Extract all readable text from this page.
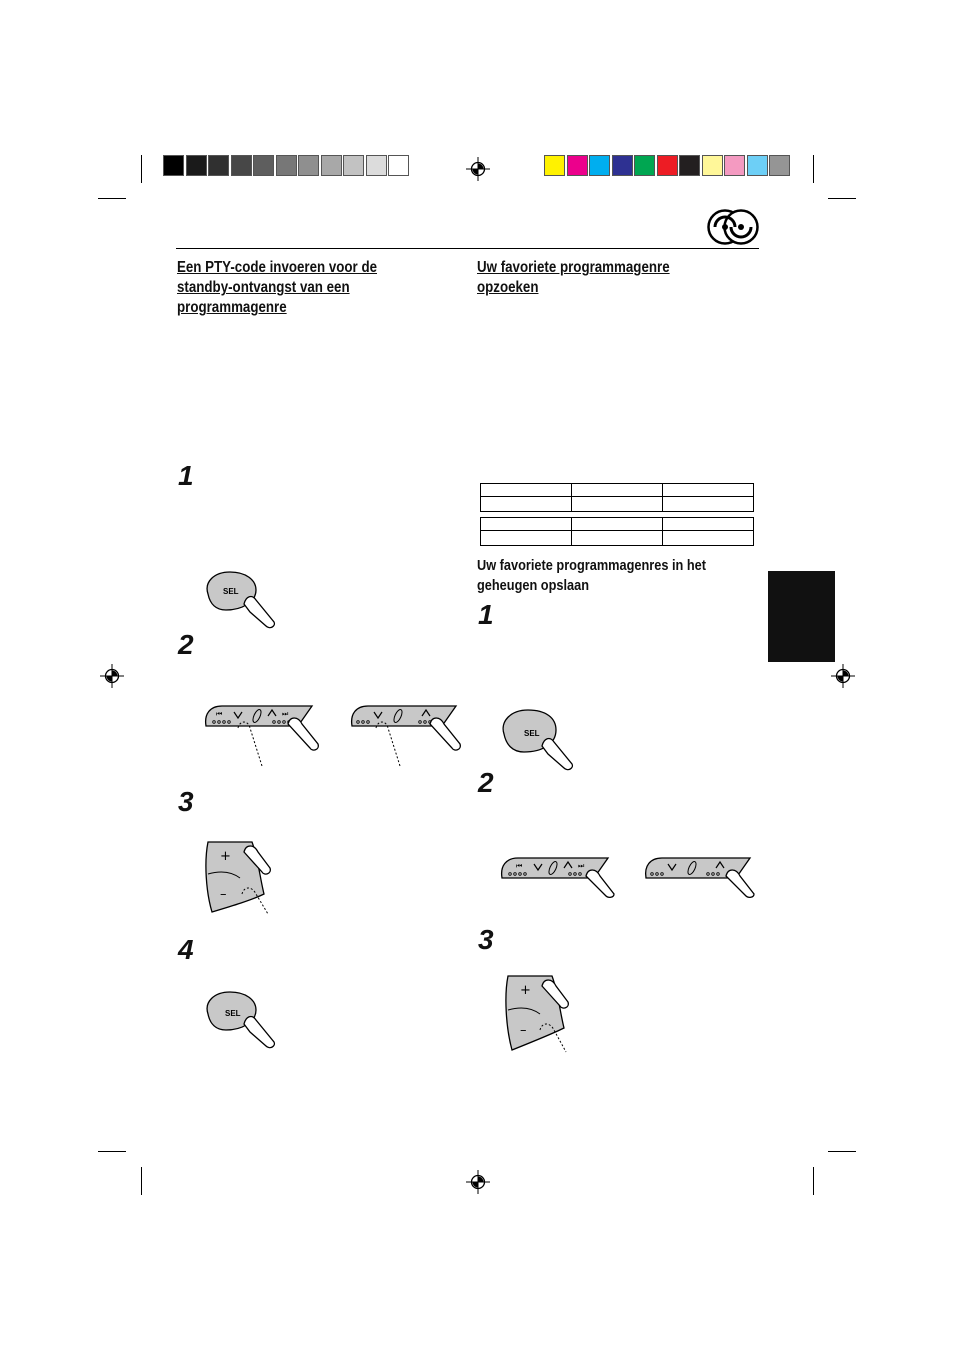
Een PTY-code invoeren voor de
standby-ontvangst van een
programmagenre
1
2
3
4
SEL
⏮	⏭
+
–
SEL
Uw favoriete programmagenre
opzoeken

Uw favoriete programmagenres in het
geheugen opslaan
1
2
3
SEL
⏮	⏭
+
–
